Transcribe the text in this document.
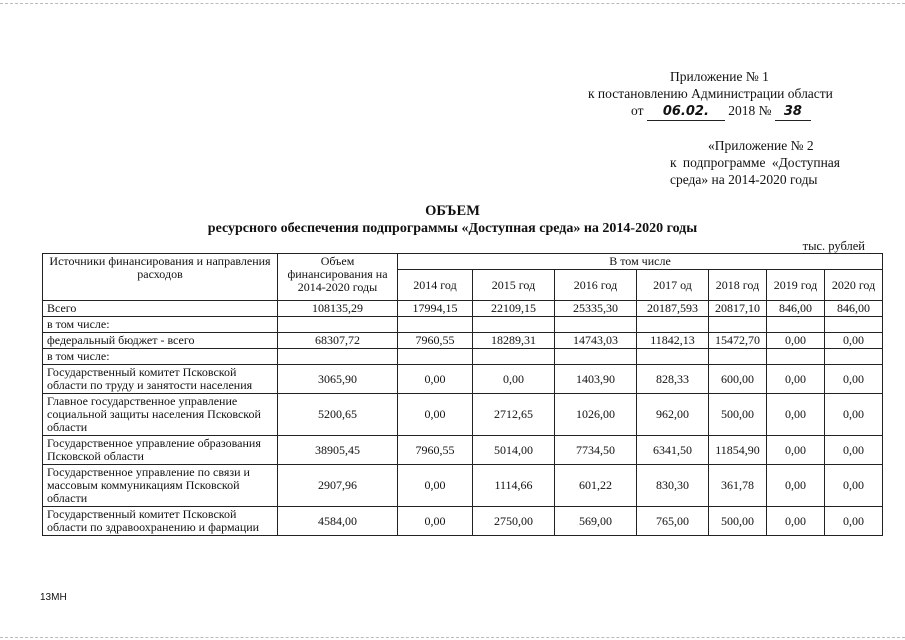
Приложение № 1
к постановлению Администрации области
от 06.02. 2018 № 38
«Приложение № 2
к подпрограмме «Доступная
среда» на 2014-2020 годы
ОБЪЕМ
ресурсного обеспечения подпрограммы «Доступная среда» на 2014-2020 годы
тыс. рублей
Источники финансирования и направления расходов	Объем финансирования на 2014-2020 годы	В том числе						
		2014 год	2015 год	2016 год	2017 од	2018 год	2019 год	2020 год
Всего	108135,29	17994,15	22109,15	25335,30	20187,593	20817,10	846,00	846,00
в том числе:								
федеральный бюджет - всего	68307,72	7960,55	18289,31	14743,03	11842,13	15472,70	0,00	0,00
в том числе:								
Государственный комитет Псковской области по труду и занятости населения	3065,90	0,00	0,00	1403,90	828,33	600,00	0,00	0,00
Главное государственное управление социальной защиты населения Псковской области	5200,65	0,00	2712,65	1026,00	962,00	500,00	0,00	0,00
Государственное управление образования Псковской области	38905,45	7960,55	5014,00	7734,50	6341,50	11854,90	0,00	0,00
Государственное управление по связи и массовым коммуникациям Псковской области	2907,96	0,00	1114,66	601,22	830,30	361,78	0,00	0,00
Государственный комитет Псковской области по здравоохранению и фармации	4584,00	0,00	2750,00	569,00	765,00	500,00	0,00	0,00
13МН
